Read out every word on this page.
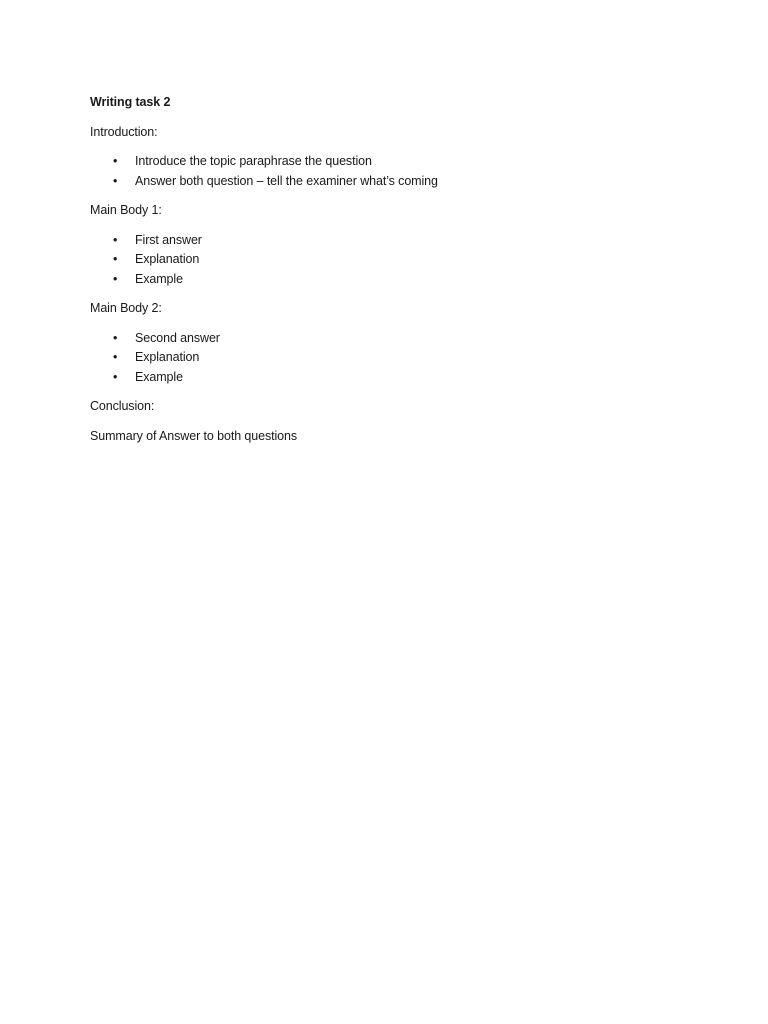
Writing task 2

Introduction:

• Introduce the topic paraphrase the question
• Answer both question – tell the examiner what’s coming

Main Body 1:

• First answer
• Explanation
• Example

Main Body 2:

• Second answer
• Explanation
• Example

Conclusion:

Summary of Answer to both questions
